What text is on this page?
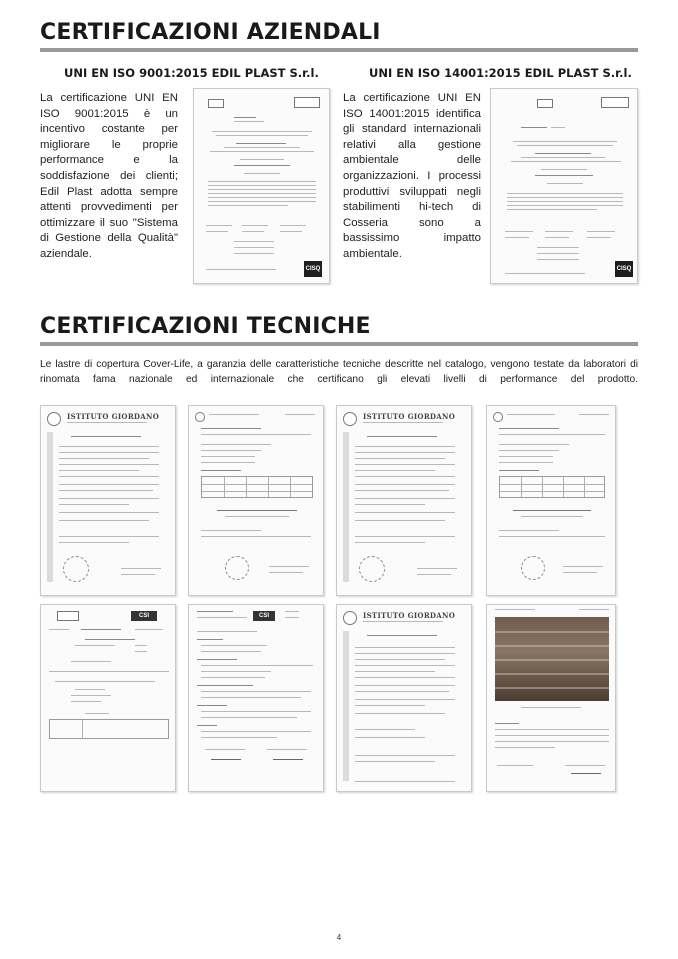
CERTIFICAZIONI AZIENDALI
UNI EN ISO 9001:2015 EDIL PLAST S.r.l.	UNI EN ISO 14001:2015 EDIL PLAST S.r.l.
La certificazione UNI EN ISO 9001:2015 è un incentivo costante per migliorare le proprie performance e la soddisfazione dei clienti; Edil Plast adotta sempre attenti provvedimenti per ottimizzare il suo "Sistema di Gestione della Qualità" aziendale.
CISQ
La certificazione UNI EN ISO 14001:2015 identifica gli standard internazionali relativi alla gestione ambientale delle organizzazioni. I processi produttivi sviluppati negli stabilimenti hi-tech di Cosseria sono a bassissimo impatto ambientale.
CISQ
CERTIFICAZIONI TECNICHE
Le lastre di copertura Cover-Life, a garanzia delle caratteristiche tecniche descritte nel catalogo, vengono testate da laboratori di rinomata fama nazionale ed internazionale che certificano gli elevati livelli di performance del prodotto.
ISTITUTO GIORDANO	ISTITUTO GIORDANO
CSI	CSI	ISTITUTO GIORDANO
4
